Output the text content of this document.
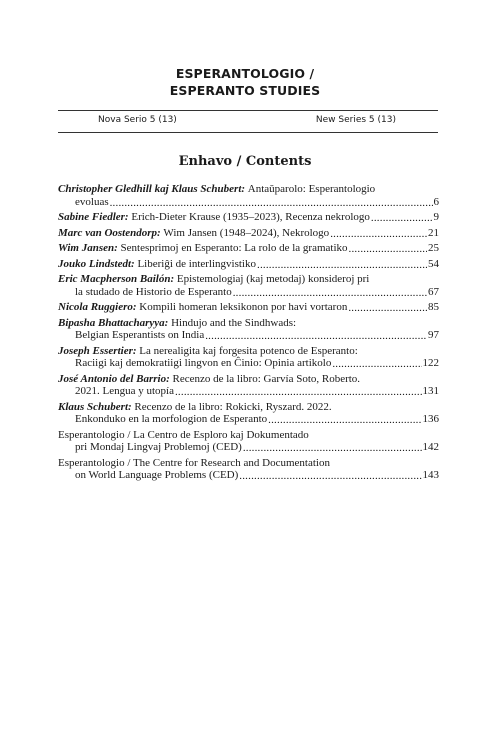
ESPERANTOLOGIO /
ESPERANTO STUDIES
Nova Serio 5 (13)	New Series 5 (13)
Enhavo / Contents
Christopher Gledhill kaj Klaus Schubert:
Antaŭparolo: Esperantologio
evoluas .....	6
Sabine Fiedler:
Erich-Dieter Krause (1935–2023), Recenza nekrologo .....	9
Marc van Oostendorp:
Wim Jansen (1948–2024), Nekrologo .....	21
Wim Jansen:
Sentesprimoj en Esperanto: La rolo de la gramatiko .....	25
Jouko Lindstedt:
Liberiĝi de interlingvistiko .....	54
Eric Macpherson Bailón:
Epistemologiaj (kaj metodaj) konsideroj pri
la studado de Historio de Esperanto .....	67
Nicola Ruggiero:
Kompili homeran leksikonon por havi vortaron .....	85
Bipasha Bhattacharyya:
Hindujo and the Sindhwads:
Belgian Esperantists on India .....	97
Joseph Essertier:
La nerealigita kaj forgesita potenco de Esperanto:
Raciigi kaj demokratiigi lingvon en Ĉinio: Opinia artikolo .....	122
José Antonio del Barrio:
Recenzo de la libro: Garvía Soto, Roberto.
2021. Lengua y utopía .....	131
Klaus Schubert:
Recenzo de la libro: Rokicki, Ryszard. 2022.
Enkonduko en la morfologion de Esperanto .....	136
Esperantologio / La Centro de Esploro kaj Dokumentado
pri Mondaj Lingvaj Problemoj (CED) .....	142
Esperantologio / The Centre for Research and Documentation
on World Language Problems (CED) .....	143
